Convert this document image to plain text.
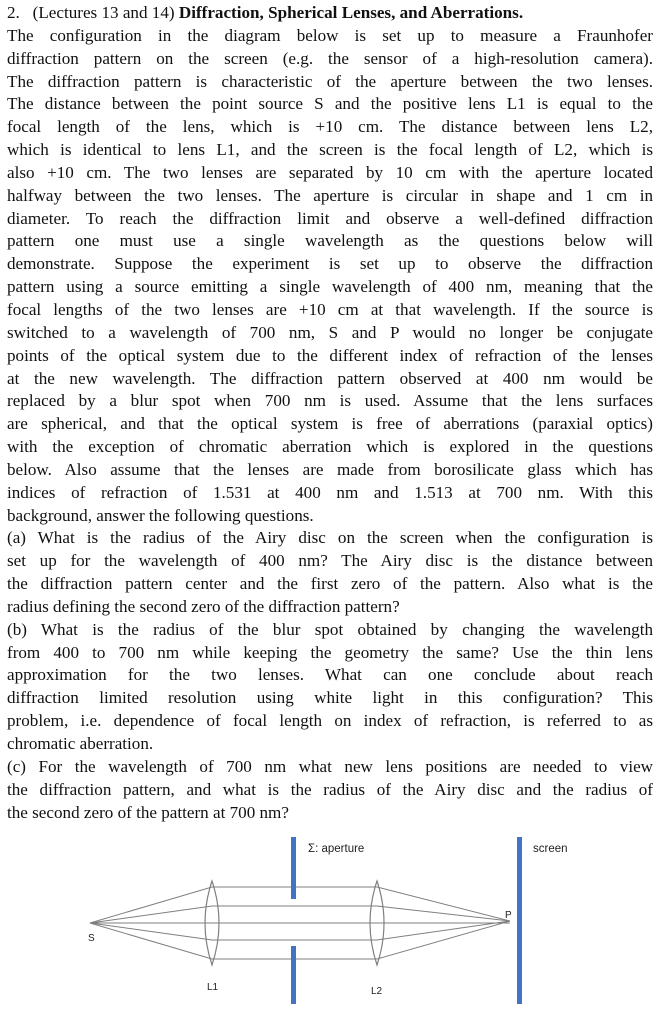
2. (Lectures 13 and 14) Diffraction, Spherical Lenses, and Aberrations.
The configuration in the diagram below is set up to measure a Fraunhofer
diffraction pattern on the screen (e.g. the sensor of a high-resolution camera).
The diffraction pattern is characteristic of the aperture between the two lenses.
The distance between the point source S and the positive lens L1 is equal to the
focal length of the lens, which is +10 cm. The distance between lens L2,
which is identical to lens L1, and the screen is the focal length of L2, which is
also +10 cm. The two lenses are separated by 10 cm with the aperture located
halfway between the two lenses. The aperture is circular in shape and 1 cm in
diameter. To reach the diffraction limit and observe a well-defined diffraction
pattern one must use a single wavelength as the questions below will
demonstrate. Suppose the experiment is set up to observe the diffraction
pattern using a source emitting a single wavelength of 400 nm, meaning that the
focal lengths of the two lenses are +10 cm at that wavelength. If the source is
switched to a wavelength of 700 nm, S and P would no longer be conjugate
points of the optical system due to the different index of refraction of the lenses
at the new wavelength. The diffraction pattern observed at 400 nm would be
replaced by a blur spot when 700 nm is used. Assume that the lens surfaces
are spherical, and that the optical system is free of aberrations (paraxial optics)
with the exception of chromatic aberration which is explored in the questions
below. Also assume that the lenses are made from borosilicate glass which has
indices of refraction of 1.531 at 400 nm and 1.513 at 700 nm. With this
background, answer the following questions.
(a) What is the radius of the Airy disc on the screen when the configuration is
set up for the wavelength of 400 nm? The Airy disc is the distance between
the diffraction pattern center and the first zero of the pattern. Also what is the
radius defining the second zero of the diffraction pattern?
(b) What is the radius of the blur spot obtained by changing the wavelength
from 400 to 700 nm while keeping the geometry the same? Use the thin lens
approximation for the two lenses. What can one conclude about reach
diffraction limited resolution using white light in this configuration? This
problem, i.e. dependence of focal length on index of refraction, is referred to as
chromatic aberration.
(c) For the wavelength of 700 nm what new lens positions are needed to view
the diffraction pattern, and what is the radius of the Airy disc and the radius of
the second zero of the pattern at 700 nm?
Σ: aperture	screen
S
P
L1	L2
